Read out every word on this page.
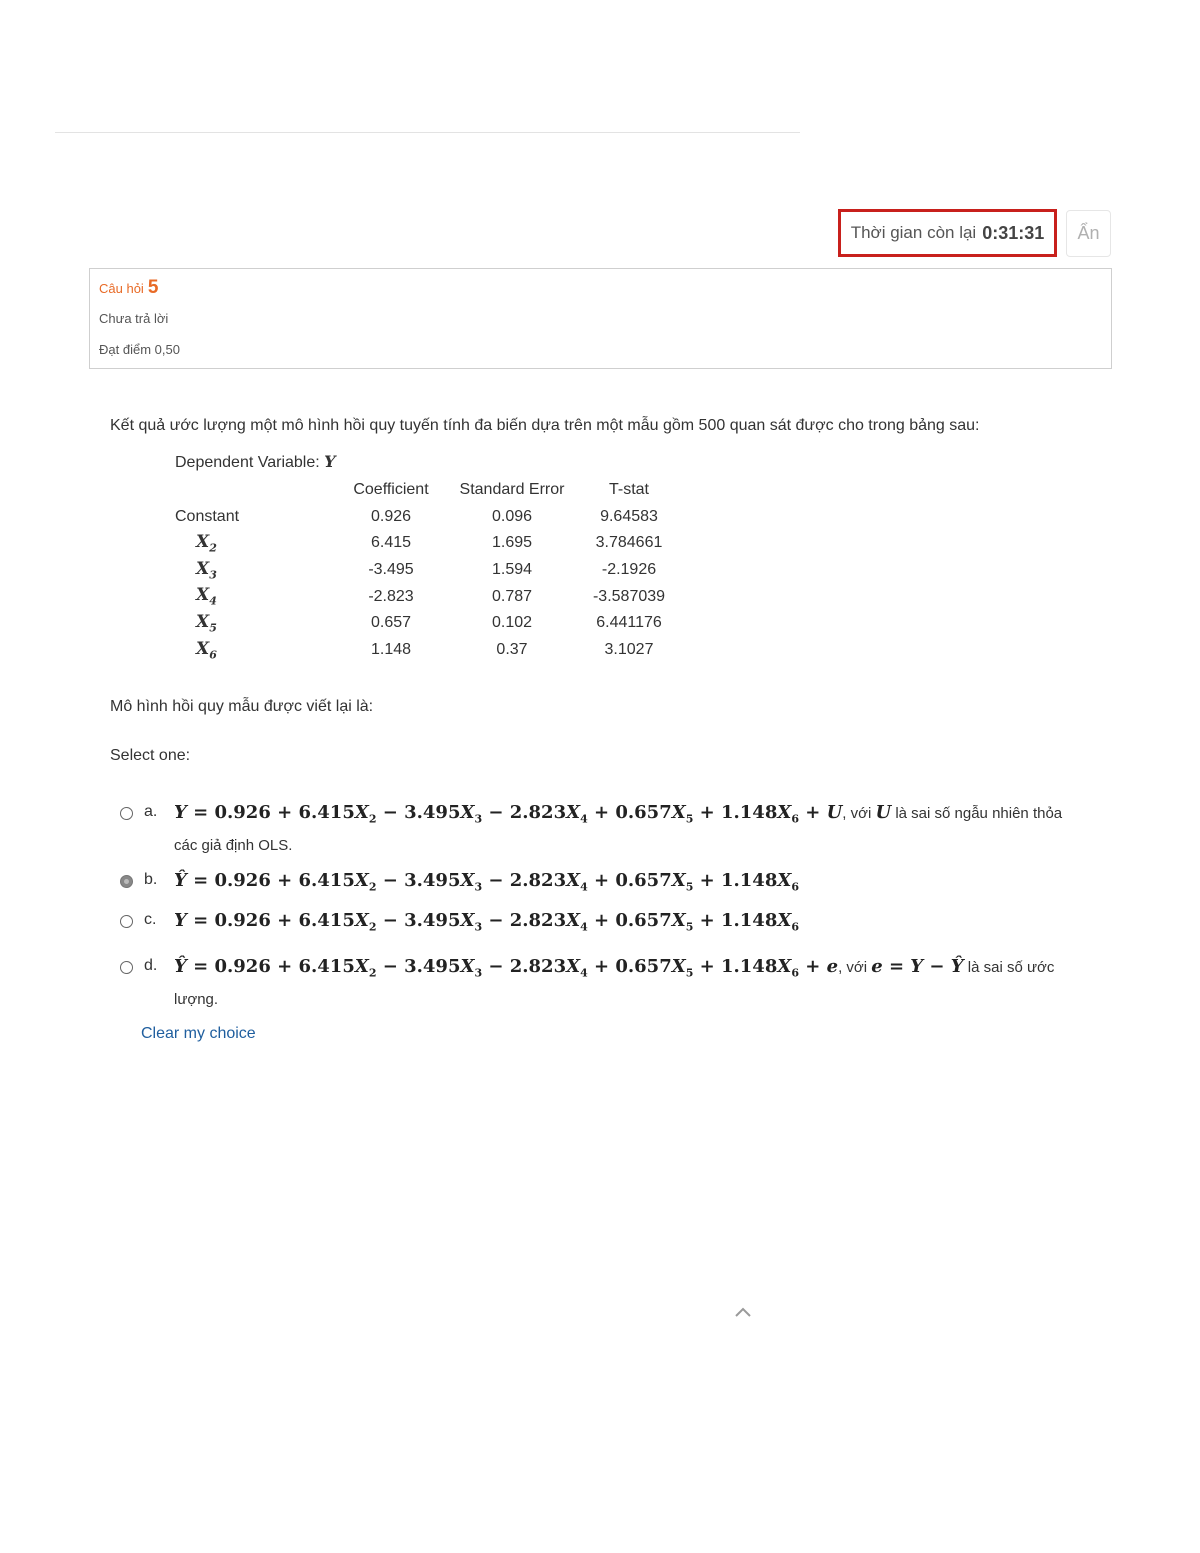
Thời gian còn lại 0:31:31	Ẩn
Câu hỏi 5
Chưa trả lời
Đạt điểm 0,50
Kết quả ước lượng một mô hình hồi quy tuyến tính đa biến dựa trên một mẫu gồm 500 quan sát được cho trong bảng sau:
Dependent Variable: Y
	Coefficient	Standard Error	T-stat
Constant	0.926	0.096	9.64583
$X_2$	6.415	1.695	3.784661
$X_3$	-3.495	1.594	-2.1926
$X_4$	-2.823	0.787	-3.587039
$X_5$	0.657	0.102	6.441176
$X_6$	1.148	0.37	3.1027
Mô hình hồi quy mẫu được viết lại là:
Select one:
a. $Y = 0.926 + 6.415X_2 - 3.495X_3 - 2.823X_4 + 0.657X_5 + 1.148X_6 + U$, với U là sai số ngẫu nhiên thỏa các giả định OLS.
b. Ŷ = $0.926 + 6.415X_2 - 3.495X_3 - 2.823X_4 + 0.657X_5 + 1.148X_6$
c. $Y = 0.926 + 6.415X_2 - 3.495X_3 - 2.823X_4 + 0.657X_5 + 1.148X_6$
d. Ŷ = $0.926 + 6.415X_2 - 3.495X_3 - 2.823X_4 + 0.657X_5 + 1.148X_6 + e$, với e = Y − Ŷ là sai số ước lượng.
Clear my choice
